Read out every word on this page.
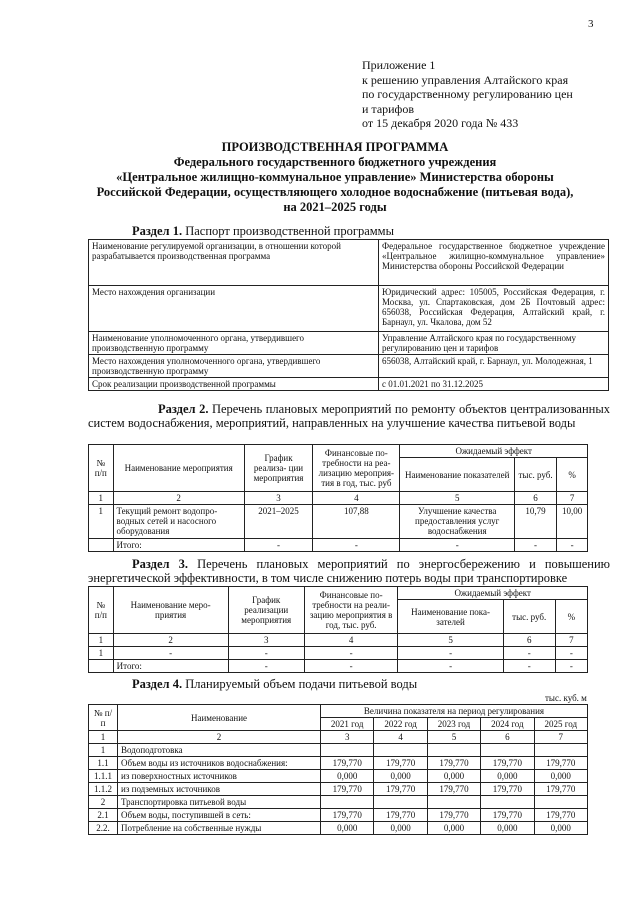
3
Приложение 1
к решению управления Алтайского края
по государственному регулированию цен
и тарифов
от 15 декабря 2020 года № 433
ПРОИЗВОДСТВЕННАЯ ПРОГРАММА
Федерального государственного бюджетного учреждения
«Центральное жилищно-коммунальное управление» Министерства обороны
Российской Федерации, осуществляющего холодное водоснабжение (питьевая вода),
на 2021–2025 годы
Раздел 1. Паспорт производственной программы
Наименование регулируемой организации, в отношении которой разрабатывается производственная программа	Федеральное государственное бюджетное учреждение «Центральное жилищно-коммунальное управление» Министерства обороны Российской Федерации
Место нахождения организации	Юридический адрес: 105005, Российская Федерация, г. Москва, ул. Спартаковская, дом 2Б Почтовый адрес: 656038, Российская Федерация, Алтайский край, г. Барнаул, ул. Чкалова, дом 52
Наименование уполномоченного органа, утвердившего производственную программу	Управление Алтайского края по государственному регулированию цен и тарифов
Место нахождения уполномоченного органа, утвердившего производственную программу	656038, Алтайский край, г. Барнаул, ул. Молодежная, 1
Срок реализации производственной программы	с 01.01.2021 по 31.12.2025
Раздел 2. Перечень плановых мероприятий по ремонту объектов централизованных систем водоснабжения, мероприятий, направленных на улучшение качества питьевой воды
№ п/п	Наименование мероприятия	График реализа- ции мероприятия	Финансовые по- требности на реа- лизацию мероприя- тия в год, тыс. руб	Ожидаемый эффект		
				Наименование показателей	тыс. руб.	%
1	2	3	4	5	6	7
1	Текущий ремонт водопро- водных сетей и насосного оборудования	2021–2025	107,88	Улучшение качества предоставления услуг водоснабжения	10,79	10,00
	Итого:	-	-	-	-	-
Раздел 3. Перечень плановых мероприятий по энергосбережению и повышению энергетической эффективности, в том числе снижению потерь воды при транспортировке
№ п/п	Наименование меро- приятия	График реализации мероприятия	Финансовые по- требности на реали- зацию мероприятия в год, тыс. руб.	Ожидаемый эффект		
				Наименование пока- зателей	тыс. руб.	%
1	2	3	4	5	6	7
1	-	-	-	-	-	-
	Итого:	-	-	-	-	-
Раздел 4. Планируемый объем подачи питьевой воды
тыс. куб. м
№ п/п	Наименование	Величина показателя на период регулирования				
		2021 год	2022 год	2023 год	2024 год	2025 год
1	2	3	4	5	6	7
1	Водоподготовка					
1.1	Объем воды из источников водоснабжения:	179,770	179,770	179,770	179,770	179,770
1.1.1	из поверхностных источников	0,000	0,000	0,000	0,000	0,000
1.1.2	из подземных источников	179,770	179,770	179,770	179,770	179,770
2	Транспортировка питьевой воды					
2.1	Объем воды, поступившей в сеть:	179,770	179,770	179,770	179,770	179,770
2.2.	Потребление на собственные нужды	0,000	0,000	0,000	0,000	0,000
